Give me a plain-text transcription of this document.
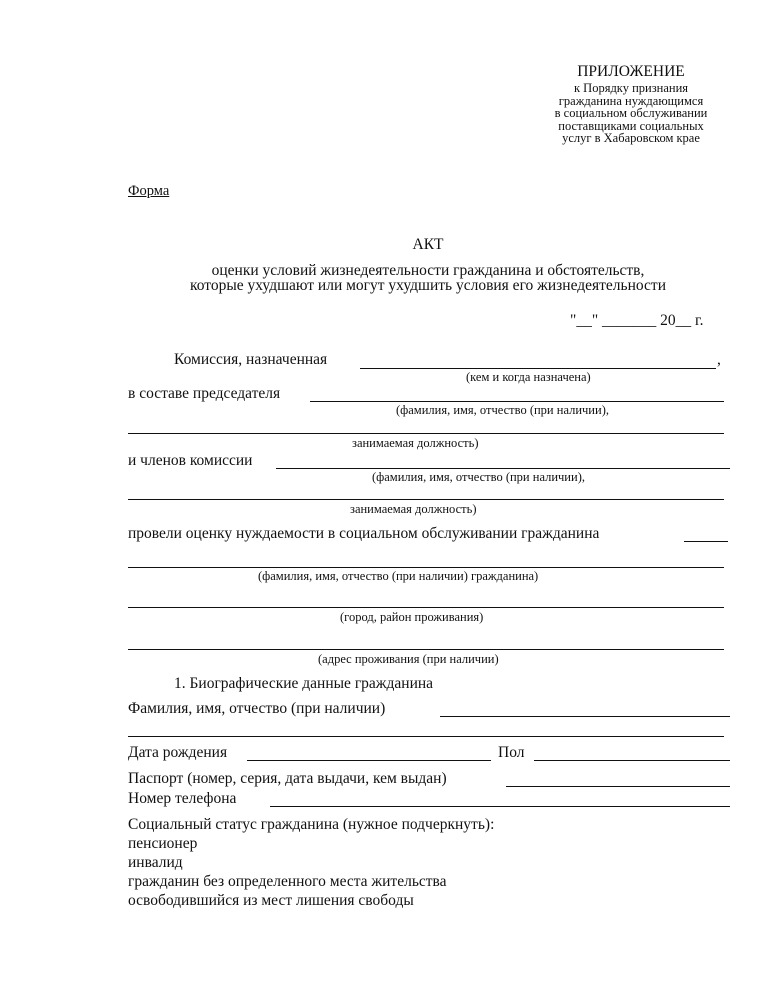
ПРИЛОЖЕНИЕ
к Порядку признания
гражданина нуждающимся
в социальном обслуживании
поставщиками социальных
услуг в Хабаровском крае
Форма
АКТ
оценки условий жизнедеятельности гражданина и обстоятельств,
которые ухудшают или могут ухудшить условия его жизнедеятельности
"__" _______ 20__ г.
Комиссия, назначенная	,
(кем и когда назначена)
в составе председателя
(фамилия, имя, отчество (при наличии),
занимаемая должность)
и членов комиссии
(фамилия, имя, отчество (при наличии),
занимаемая должность)
провели оценку нуждаемости в социальном обслуживании гражданина
(фамилия, имя, отчество (при наличии) гражданина)
(город, район проживания)
(адрес проживания (при наличии)
1. Биографические данные гражданина
Фамилия, имя, отчество (при наличии)
Дата рождения	Пол
Паспорт (номер, серия, дата выдачи, кем выдан)
Номер телефона
Социальный статус гражданина (нужное подчеркнуть):
пенсионер
инвалид
гражданин без определенного места жительства
освободившийся из мест лишения свободы
